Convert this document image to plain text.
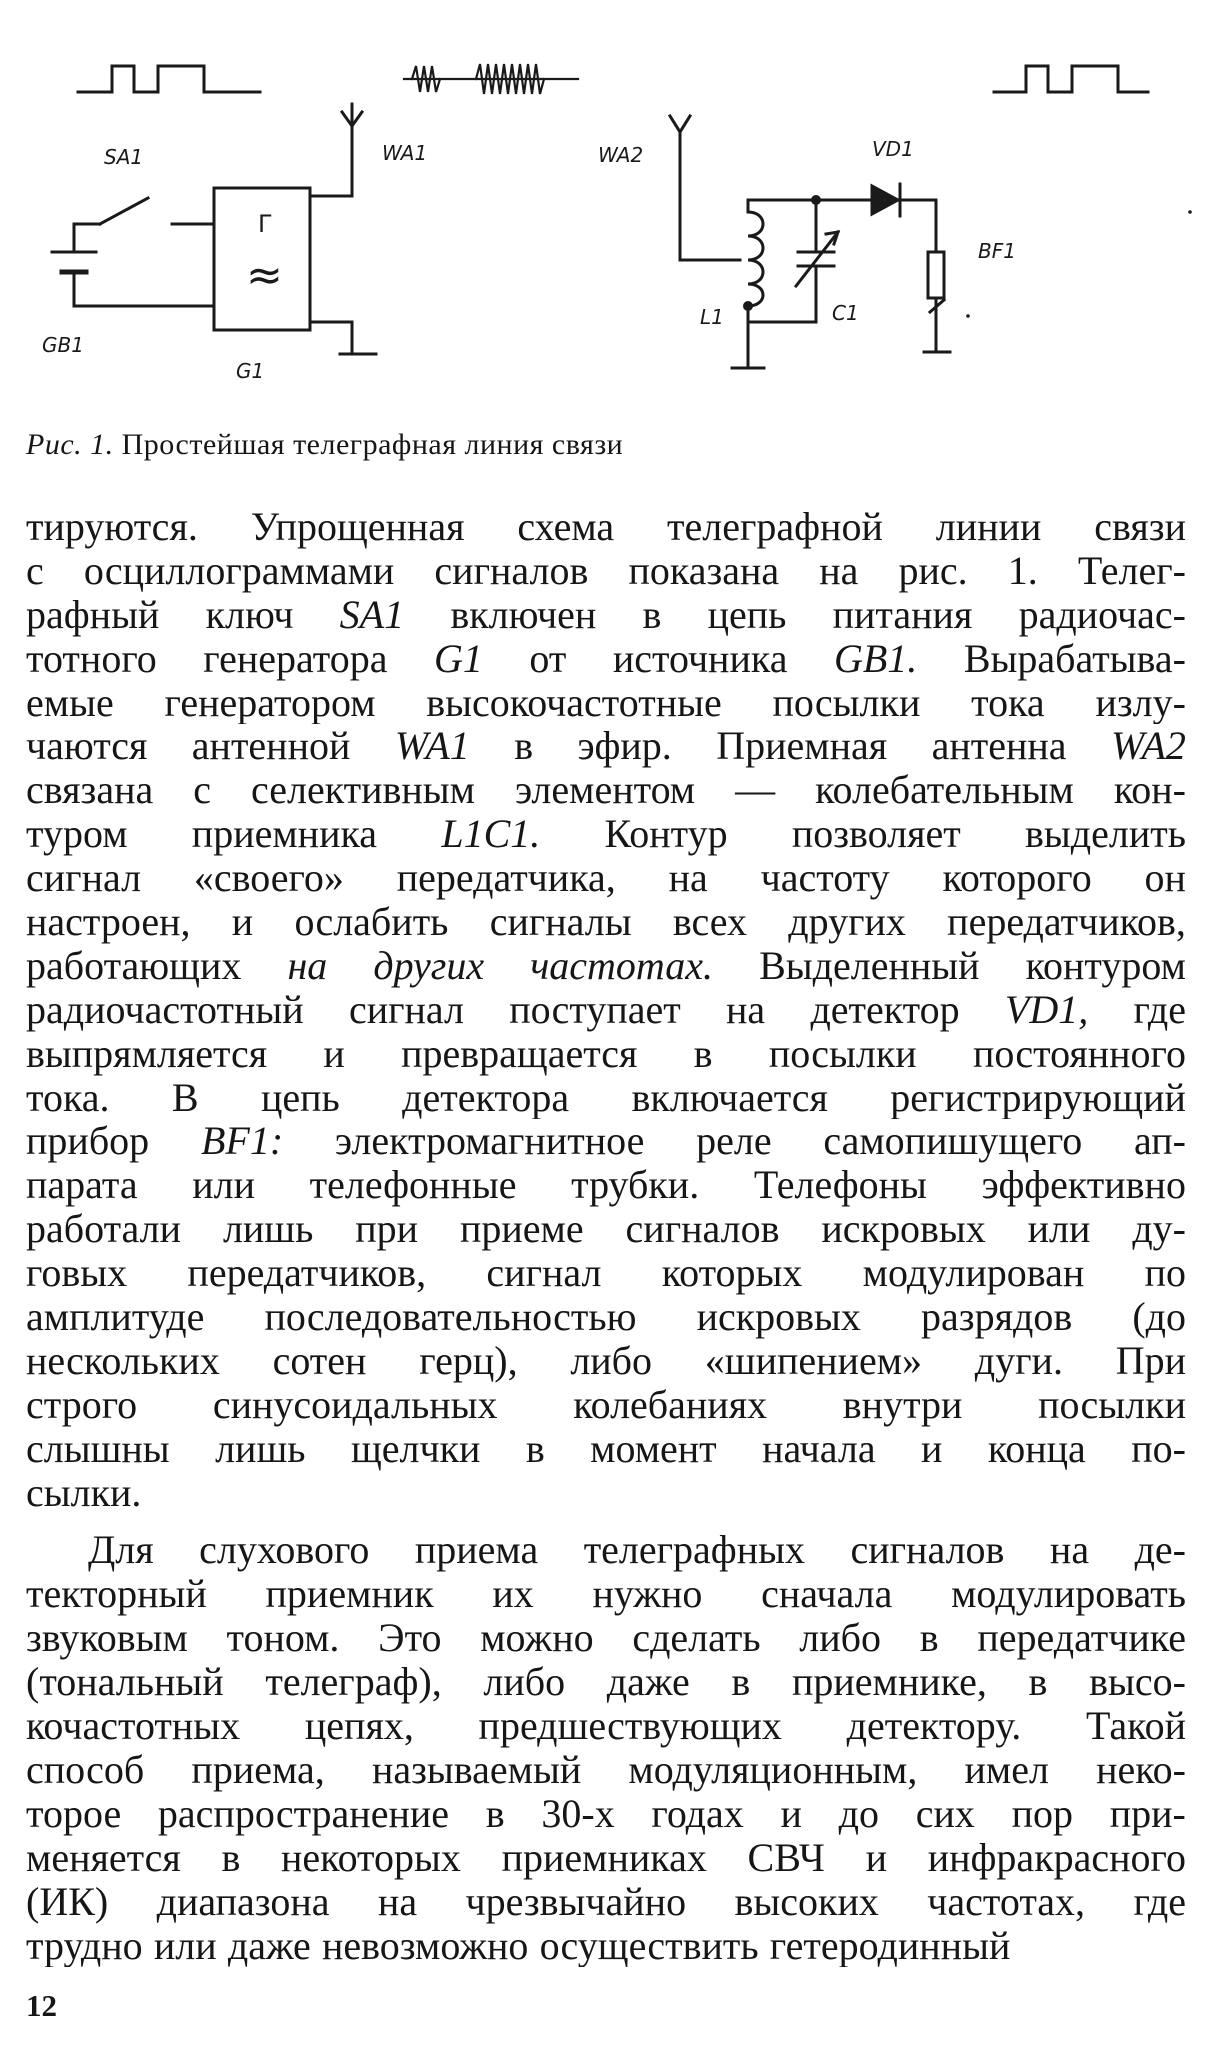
SA1	WA1	WA2	VD1
BF1
GB1
G1
L1	C1
Г
≈
Рис. 1. Простейшая телеграфная линия связи
тируются. Упрощенная схема телеграфной линии связи
с осциллограммами сигналов показана на рис. 1. Телег-
рафный ключ SA1 включен в цепь питания радиочас-
тотного генератора G1 от источника GB1. Вырабатыва-
емые генератором высокочастотные посылки тока излу-
чаются антенной WA1 в эфир. Приемная антенна WA2
связана с селективным элементом — колебательным кон-
туром приемника L1C1. Контур позволяет выделить
сигнал «своего» передатчика, на частоту которого он
настроен, и ослабить сигналы всех других передатчиков,
работающих на других частотах. Выделенный контуром
радиочастотный сигнал поступает на детектор VD1, где
выпрямляется и превращается в посылки постоянного
тока. В цепь детектора включается регистрирующий
прибор BF1: электромагнитное реле самопишущего ап-
парата или телефонные трубки. Телефоны эффективно
работали лишь при приеме сигналов искровых или ду-
говых передатчиков, сигнал которых модулирован по
амплитуде последовательностью искровых разрядов (до
нескольких сотен герц), либо «шипением» дуги. При
строго синусоидальных колебаниях внутри посылки
слышны лишь щелчки в момент начала и конца по-
сылки.
Для слухового приема телеграфных сигналов на де-
текторный приемник их нужно сначала модулировать
звуковым тоном. Это можно сделать либо в передатчике
(тональный телеграф), либо даже в приемнике, в высо-
кочастотных цепях, предшествующих детектору. Такой
способ приема, называемый модуляционным, имел неко-
торое распространение в 30-х годах и до сих пор при-
меняется в некоторых приемниках СВЧ и инфракрасного
(ИК) диапазона на чрезвычайно высоких частотах, где
трудно или даже невозможно осуществить гетеродинный
12
